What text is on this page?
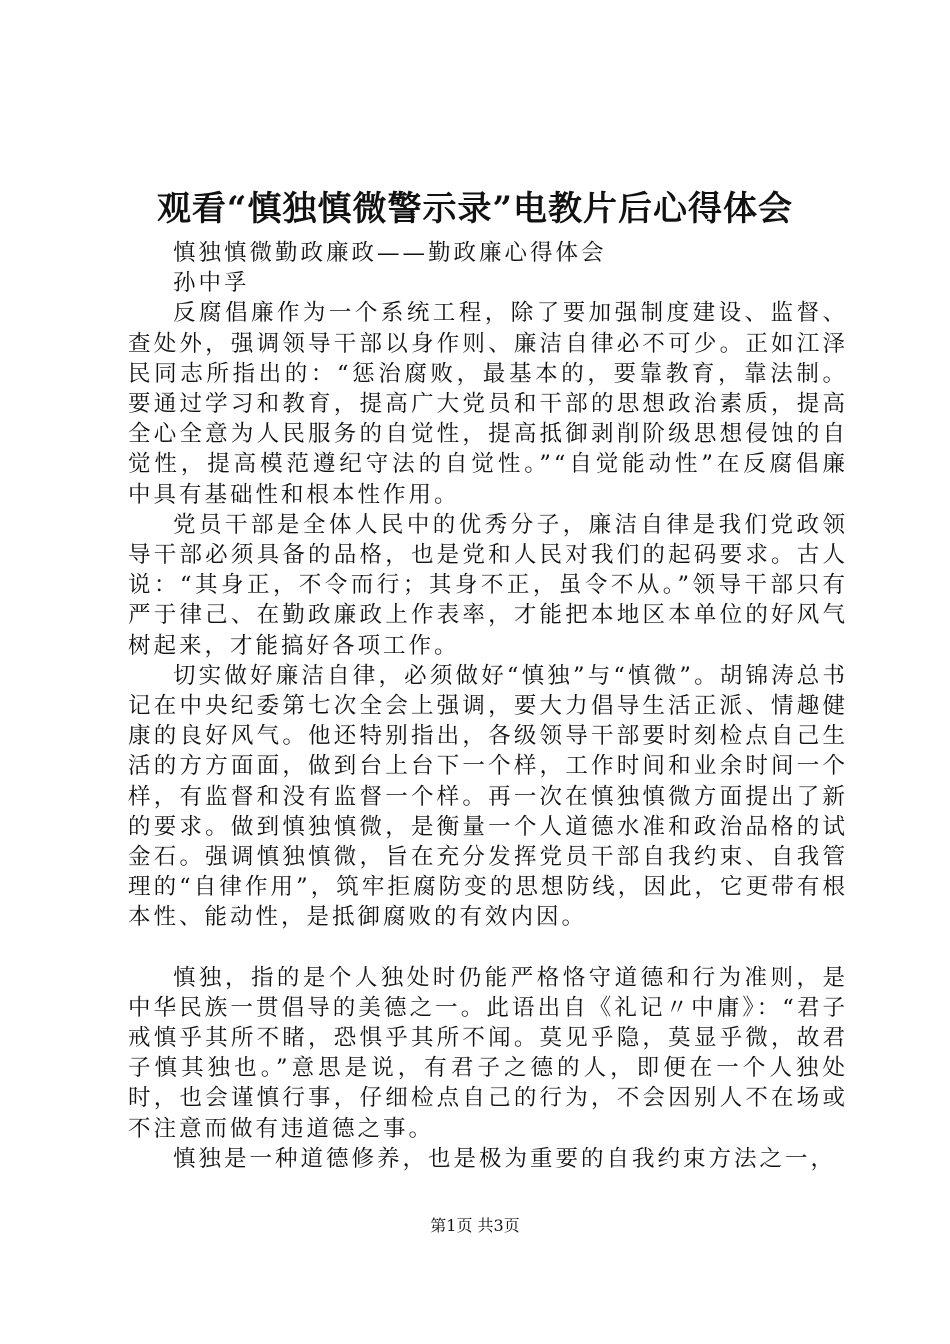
观看“慎独慎微警示录”电教片后心得体会

慎独慎微勤政廉政——勤政廉心得体会

孙中孚

反腐倡廉作为一个系统工程，除了要加强制度建设、监督、查处外，强调领导干部以身作则、廉洁自律必不可少。正如江泽民同志所指出的：“惩治腐败，最基本的，要靠教育，靠法制。要通过学习和教育，提高广大党员和干部的思想政治素质，提高全心全意为人民服务的自觉性，提高抵御剥削阶级思想侵蚀的自觉性，提高模范遵纪守法的自觉性。”“自觉能动性”在反腐倡廉中具有基础性和根本性作用。

党员干部是全体人民中的优秀分子，廉洁自律是我们党政领导干部必须具备的品格，也是党和人民对我们的起码要求。古人说：“其身正，不令而行；其身不正，虽令不从。”领导干部只有严于律己、在勤政廉政上作表率，才能把本地区本单位的好风气树起来，才能搞好各项工作。

切实做好廉洁自律，必须做好“慎独”与“慎微”。胡锦涛总书记在中央纪委第七次全会上强调，要大力倡导生活正派、情趣健康的良好风气。他还特别指出，各级领导干部要时刻检点自己生活的方方面面，做到台上台下一个样，工作时间和业余时间一个样，有监督和没有监督一个样。再一次在慎独慎微方面提出了新的要求。做到慎独慎微，是衡量一个人道德水准和政治品格的试金石。强调慎独慎微，旨在充分发挥党员干部自我约束、自我管理的“自律作用”，筑牢拒腐防变的思想防线，因此，它更带有根本性、能动性，是抵御腐败的有效内因。

慎独，指的是个人独处时仍能严格恪守道德和行为准则，是中华民族一贯倡导的美德之一。此语出自《礼记〃中庸》：“君子戒慎乎其所不睹，恐惧乎其所不闻。莫见乎隐，莫显乎微，故君子慎其独也。”意思是说，有君子之德的人，即便在一个人独处时，也会谨慎行事，仔细检点自己的行为，不会因别人不在场或不注意而做有违道德之事。

慎独是一种道德修养，也是极为重要的自我约束方法之一，

第1页 共3页
